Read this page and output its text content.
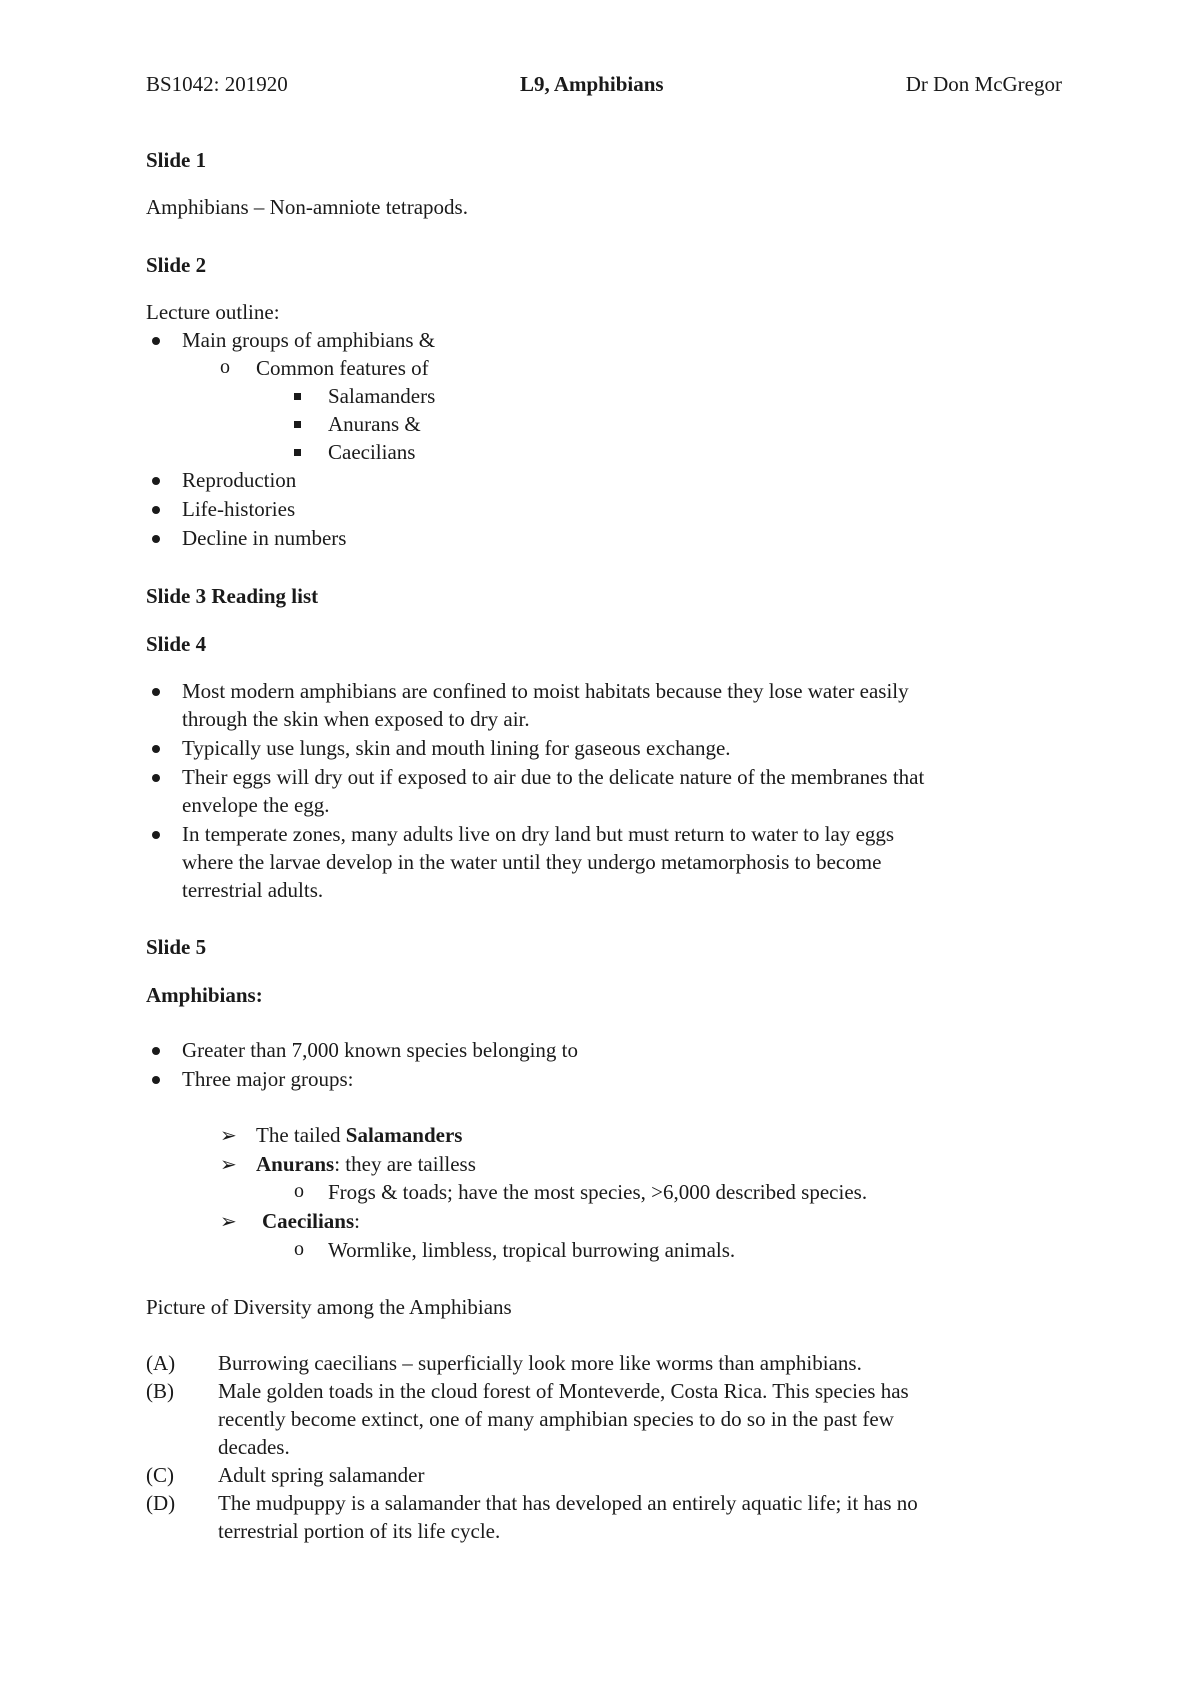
BS1042: 201920	L9, Amphibians	Dr Don McGregor
Slide 1
Amphibians – Non-amniote tetrapods.
Slide 2
Lecture outline:
Main groups of amphibians &
o Common features of
Salamanders
Anurans &
Caecilians
Reproduction
Life-histories
Decline in numbers
Slide 3 Reading list
Slide 4
Most modern amphibians are confined to moist habitats because they lose water easily
through the skin when exposed to dry air.
Typically use lungs, skin and mouth lining for gaseous exchange.
Their eggs will dry out if exposed to air due to the delicate nature of the membranes that
envelope the egg.
In temperate zones, many adults live on dry land but must return to water to lay eggs
where the larvae develop in the water until they undergo metamorphosis to become
terrestrial adults.
Slide 5
Amphibians:
Greater than 7,000 known species belonging to
Three major groups:
➢ The tailed Salamanders
➢ Anurans: they are tailless
o Frogs & toads; have the most species, >6,000 described species.
➢ Caecilians:
o Wormlike, limbless, tropical burrowing animals.
Picture of Diversity among the Amphibians
(A) Burrowing caecilians – superficially look more like worms than amphibians.
(B) Male golden toads in the cloud forest of Monteverde, Costa Rica. This species has
recently become extinct, one of many amphibian species to do so in the past few
decades.
(C) Adult spring salamander
(D) The mudpuppy is a salamander that has developed an entirely aquatic life; it has no
terrestrial portion of its life cycle.
